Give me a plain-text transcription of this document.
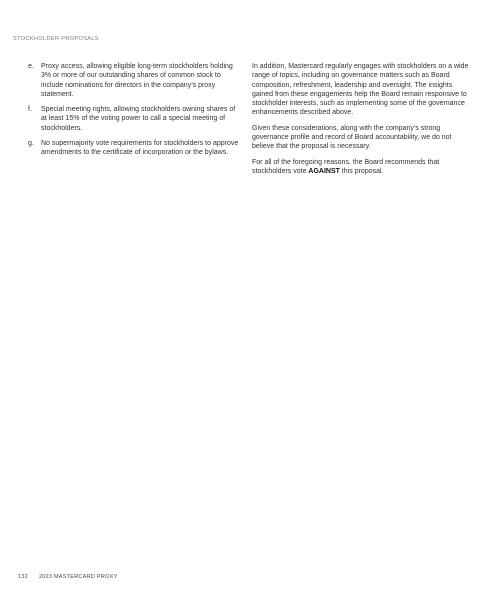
STOCKHOLDER PROPOSALS
e.	Proxy access, allowing eligible long-term stockholders holding 3% or more of our outstanding shares of common stock to include nominations for directors in the company’s proxy statement.
f.	Special meeting rights, allowing stockholders owning shares of at least 15% of the voting power to call a special meeting of stockholders.
g.	No supermajority vote requirements for stockholders to approve amendments to the certificate of incorporation or the bylaws.

In addition, Mastercard regularly engages with stockholders on a wide range of topics, including on governance matters such as Board composition, refreshment, leadership and oversight. The insights gained from these engagements help the Board remain responsive to stockholder interests, such as implementing some of the governance enhancements described above.

Given these considerations, along with the company’s strong governance profile and record of Board accountability, we do not believe that the proposal is necessary.

For all of the foregoing reasons, the Board recommends that stockholders vote AGAINST this proposal.

132 2023 MASTERCARD PROXY
